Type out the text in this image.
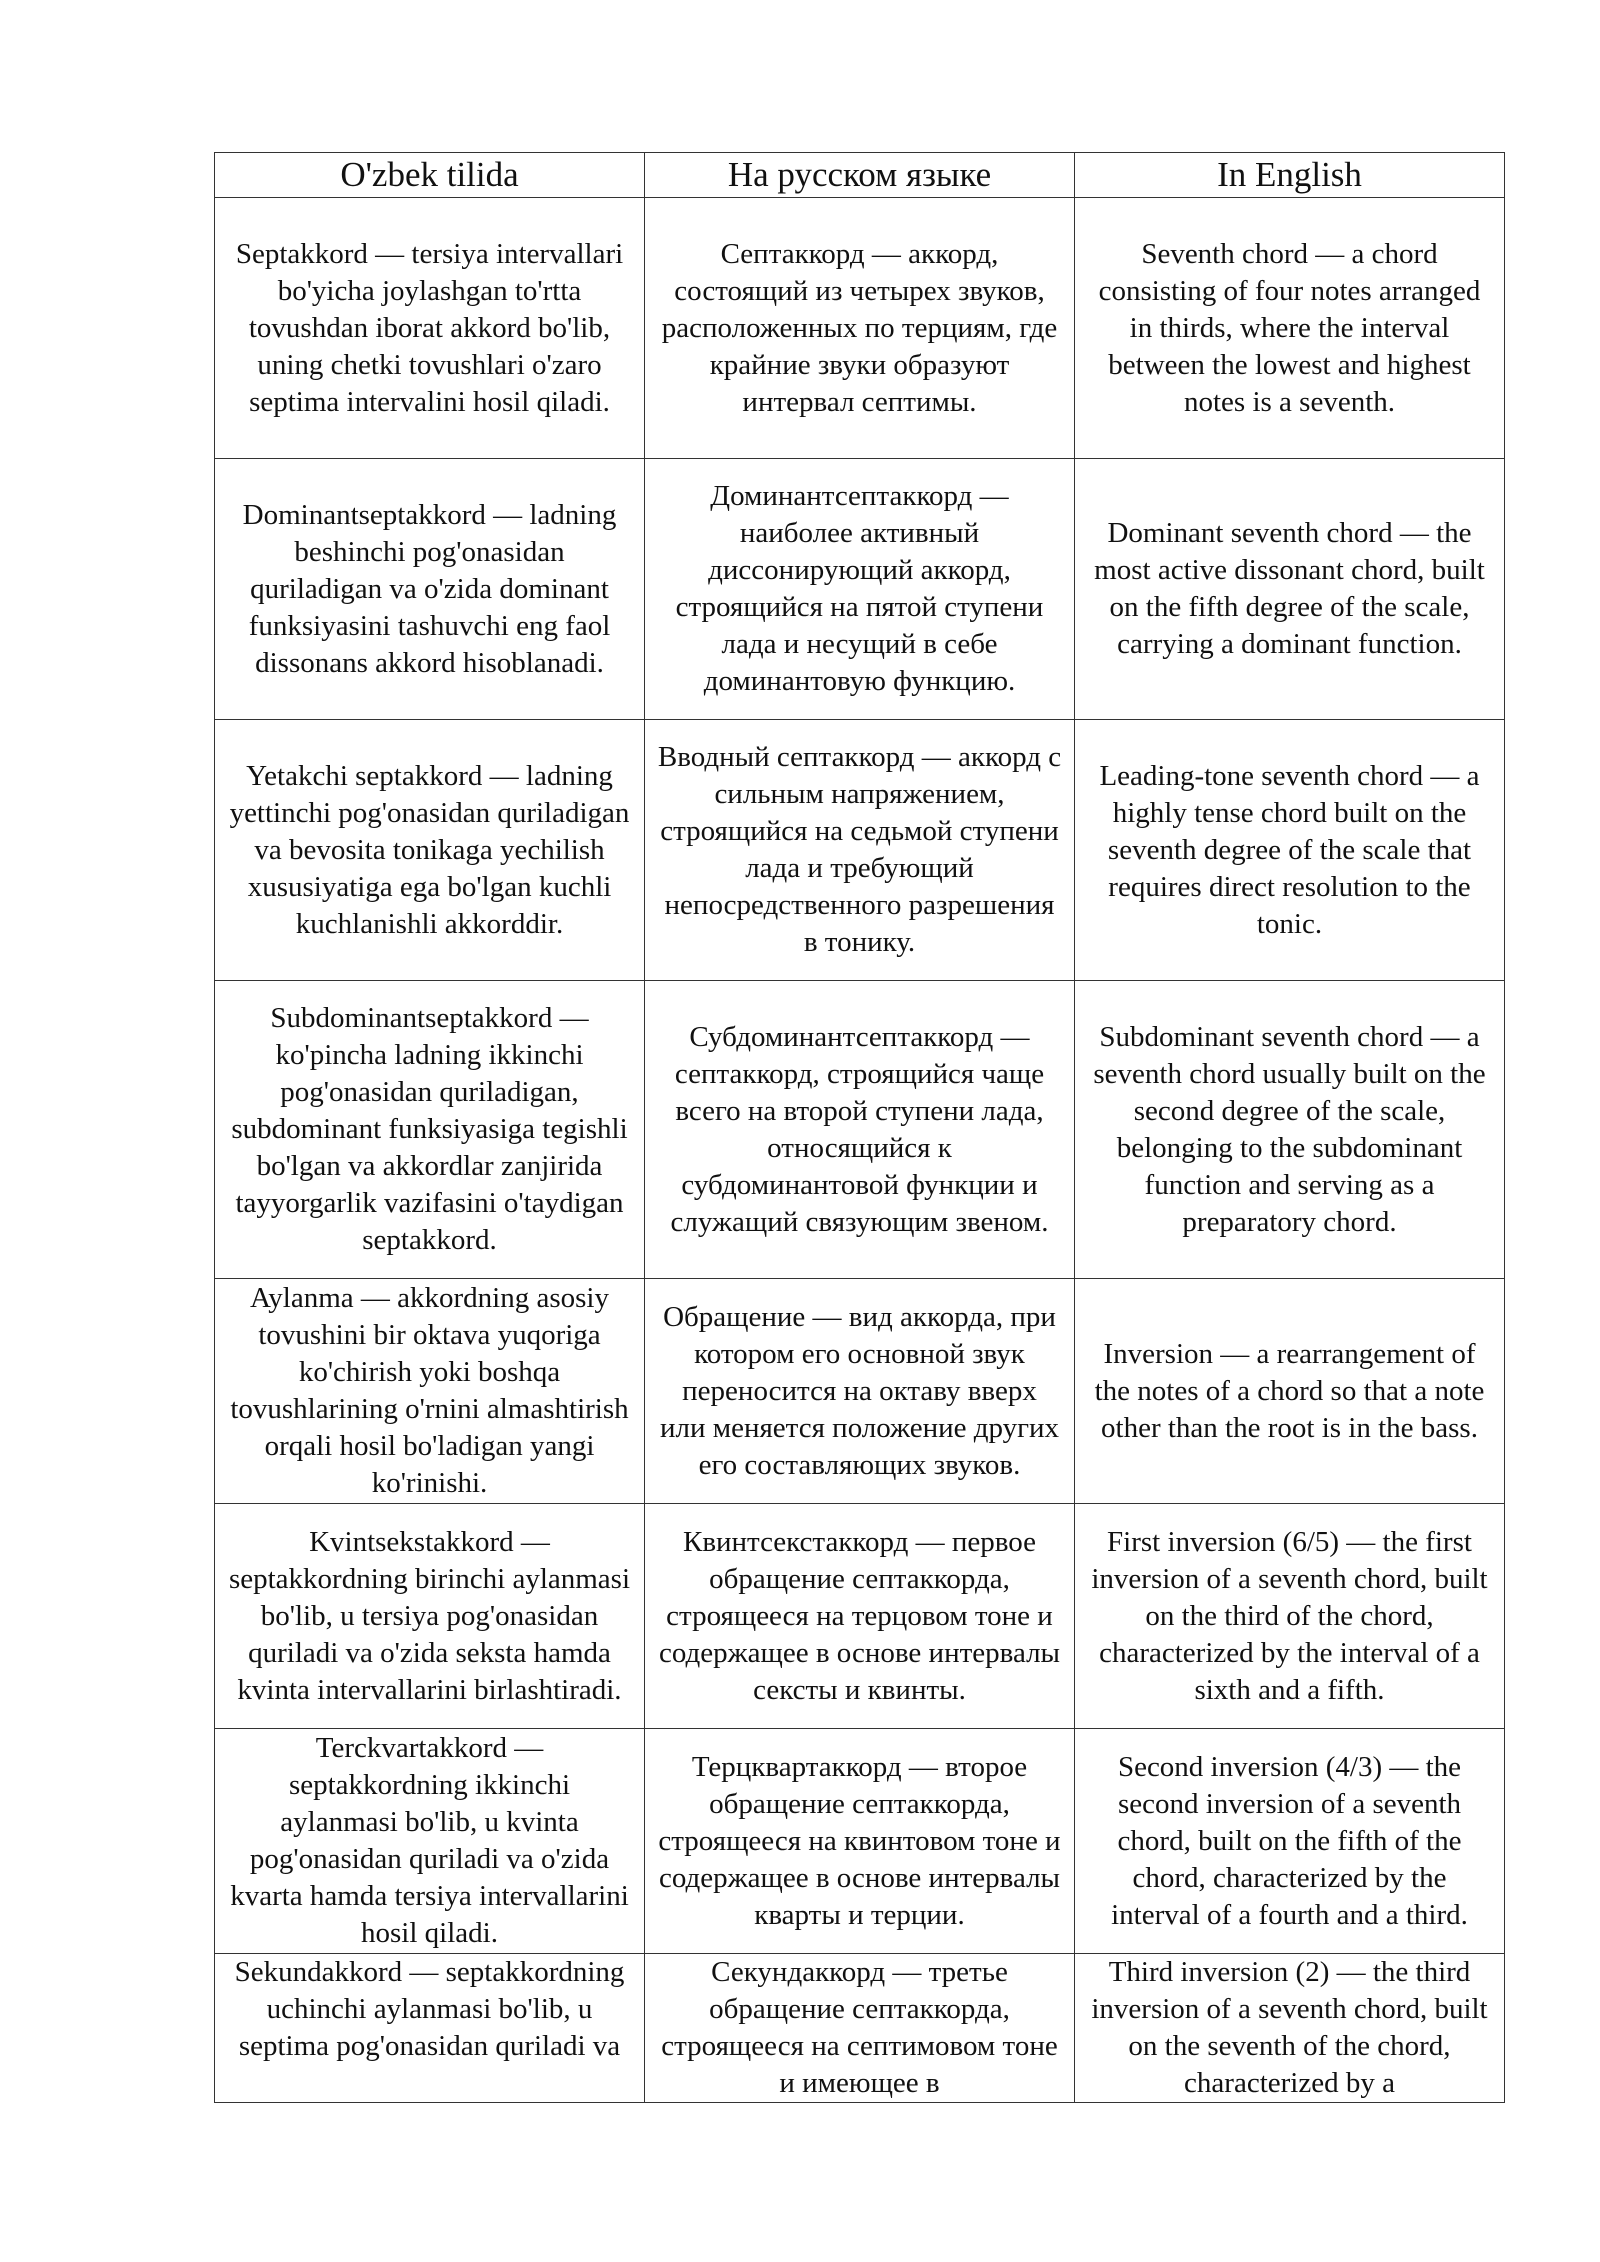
O'zbek tilida	На русском языке	In English

Septakkord — tersiya intervallari bo'yicha joylashgan to'rtta tovushdan iborat akkord bo'lib, uning chetki tovushlari o'zaro septima intervalini hosil qiladi.	Септаккорд — аккорд, состоящий из четырех звуков, расположенных по терциям, где крайние звуки образуют интервал септимы.	Seventh chord — a chord consisting of four notes arranged in thirds, where the interval between the lowest and highest notes is a seventh.

Dominantseptakkord — ladning beshinchi pog'onasidan quriladigan va o'zida dominant funksiyasini tashuvchi eng faol dissonans akkord hisoblanadi.	Доминантсептаккорд — наиболее активный диссонирующий аккорд, строящийся на пятой ступени лада и несущий в себе доминантовую функцию.	Dominant seventh chord — the most active dissonant chord, built on the fifth degree of the scale, carrying a dominant function.

Yetakchi septakkord — ladning yettinchi pog'onasidan quriladigan va bevosita tonikaga yechilish xususiyatiga ega bo'lgan kuchli kuchlanishli akkorddir.	Вводный септаккорд — аккорд с сильным напряжением, строящийся на седьмой ступени лада и требующий непосредственного разрешения в тонику.	Leading-tone seventh chord — a highly tense chord built on the seventh degree of the scale that requires direct resolution to the tonic.

Subdominantseptakkord — ko'pincha ladning ikkinchi pog'onasidan quriladigan, subdominant funksiyasiga tegishli bo'lgan va akkordlar zanjirida tayyorgarlik vazifasini o'taydigan septakkord.	Субдоминантсептаккорд — септаккорд, строящийся чаще всего на второй ступени лада, относящийся к субдоминантовой функции и служащий связующим звеном.	Subdominant seventh chord — a seventh chord usually built on the second degree of the scale, belonging to the subdominant function and serving as a preparatory chord.

Aylanma — akkordning asosiy tovushini bir oktava yuqoriga ko'chirish yoki boshqa tovushlarining o'rnini almashtirish orqali hosil bo'ladigan yangi ko'rinishi.	Обращение — вид аккорда, при котором его основной звук переносится на октаву вверх или меняется положение других его составляющих звуков.	Inversion — a rearrangement of the notes of a chord so that a note other than the root is in the bass.

Kvintsekstakkord — septakkordning birinchi aylanmasi bo'lib, u tersiya pog'onasidan quriladi va o'zida seksta hamda kvinta intervallarini birlashtiradi.	Квинтсекстаккорд — первое обращение септаккорда, строящееся на терцовом тоне и содержащее в основе интервалы сексты и квинты.	First inversion (6/5) — the first inversion of a seventh chord, built on the third of the chord, characterized by the interval of a sixth and a fifth.

Terckvartakkord — septakkordning ikkinchi aylanmasi bo'lib, u kvinta pog'onasidan quriladi va o'zida kvarta hamda tersiya intervallarini hosil qiladi.	Терцквартаккорд — второе обращение септаккорда, строящееся на квинтовом тоне и содержащее в основе интервалы кварты и терции.	Second inversion (4/3) — the second inversion of a seventh chord, built on the fifth of the chord, characterized by the interval of a fourth and a third.

Sekundakkord — septakkordning uchinchi aylanmasi bo'lib, u septima pog'onasidan quriladi va	Секундаккорд — третье обращение септаккорда, строящееся на септимовом тоне и имеющее в	Third inversion (2) — the third inversion of a seventh chord, built on the seventh of the chord, characterized by a
